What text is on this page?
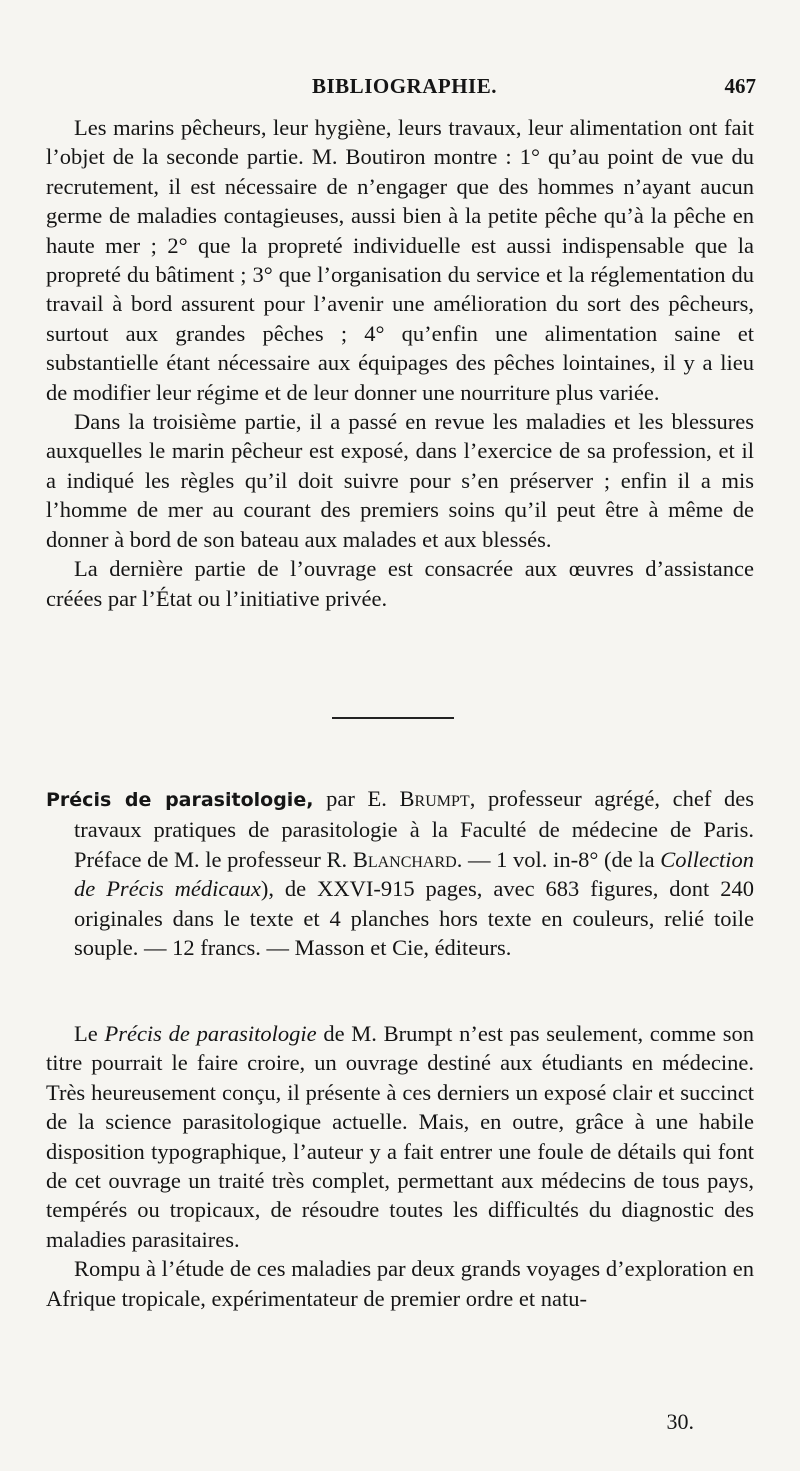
BIBLIOGRAPHIE.	467

Les marins pêcheurs, leur hygiène, leurs travaux, leur alimentation ont fait l’objet de la seconde partie. M. Boutiron montre : 1° qu’au point de vue du recrutement, il est nécessaire de n’engager que des hommes n’ayant aucun germe de maladies contagieuses, aussi bien à la petite pêche qu’à la pêche en haute mer ; 2° que la propreté individuelle est aussi indispensable que la propreté du bâtiment ; 3° que l’organisation du service et la réglementation du travail à bord assurent pour l’avenir une amélioration du sort des pêcheurs, surtout aux grandes pêches ; 4° qu’enfin une alimentation saine et substantielle étant nécessaire aux équipages des pêches lointaines, il y a lieu de modifier leur régime et de leur donner une nourriture plus variée.

Dans la troisième partie, il a passé en revue les maladies et les blessures auxquelles le marin pêcheur est exposé, dans l’exercice de sa profession, et il a indiqué les règles qu’il doit suivre pour s’en préserver ; enfin il a mis l’homme de mer au courant des premiers soins qu’il peut être à même de donner à bord de son bateau aux malades et aux blessés.

La dernière partie de l’ouvrage est consacrée aux œuvres d’assistance créées par l’État ou l’initiative privée.

Précis de parasitologie, par E. Brumpt, professeur agrégé, chef des travaux pratiques de parasitologie à la Faculté de médecine de Paris. Préface de M. le professeur R. Blanchard. — 1 vol. in-8° (de la Collection de Précis médicaux), de XXVI-915 pages, avec 683 figures, dont 240 originales dans le texte et 4 planches hors texte en couleurs, relié toile souple. — 12 francs. — Masson et Cie, éditeurs.

Le Précis de parasitologie de M. Brumpt n’est pas seulement, comme son titre pourrait le faire croire, un ouvrage destiné aux étudiants en médecine. Très heureusement conçu, il présente à ces derniers un exposé clair et succinct de la science parasitologique actuelle. Mais, en outre, grâce à une habile disposition typographique, l’auteur y a fait entrer une foule de détails qui font de cet ouvrage un traité très complet, permettant aux médecins de tous pays, tempérés ou tropicaux, de résoudre toutes les difficultés du diagnostic des maladies parasitaires.

Rompu à l’étude de ces maladies par deux grands voyages d’exploration en Afrique tropicale, expérimentateur de premier ordre et natu-

30.
